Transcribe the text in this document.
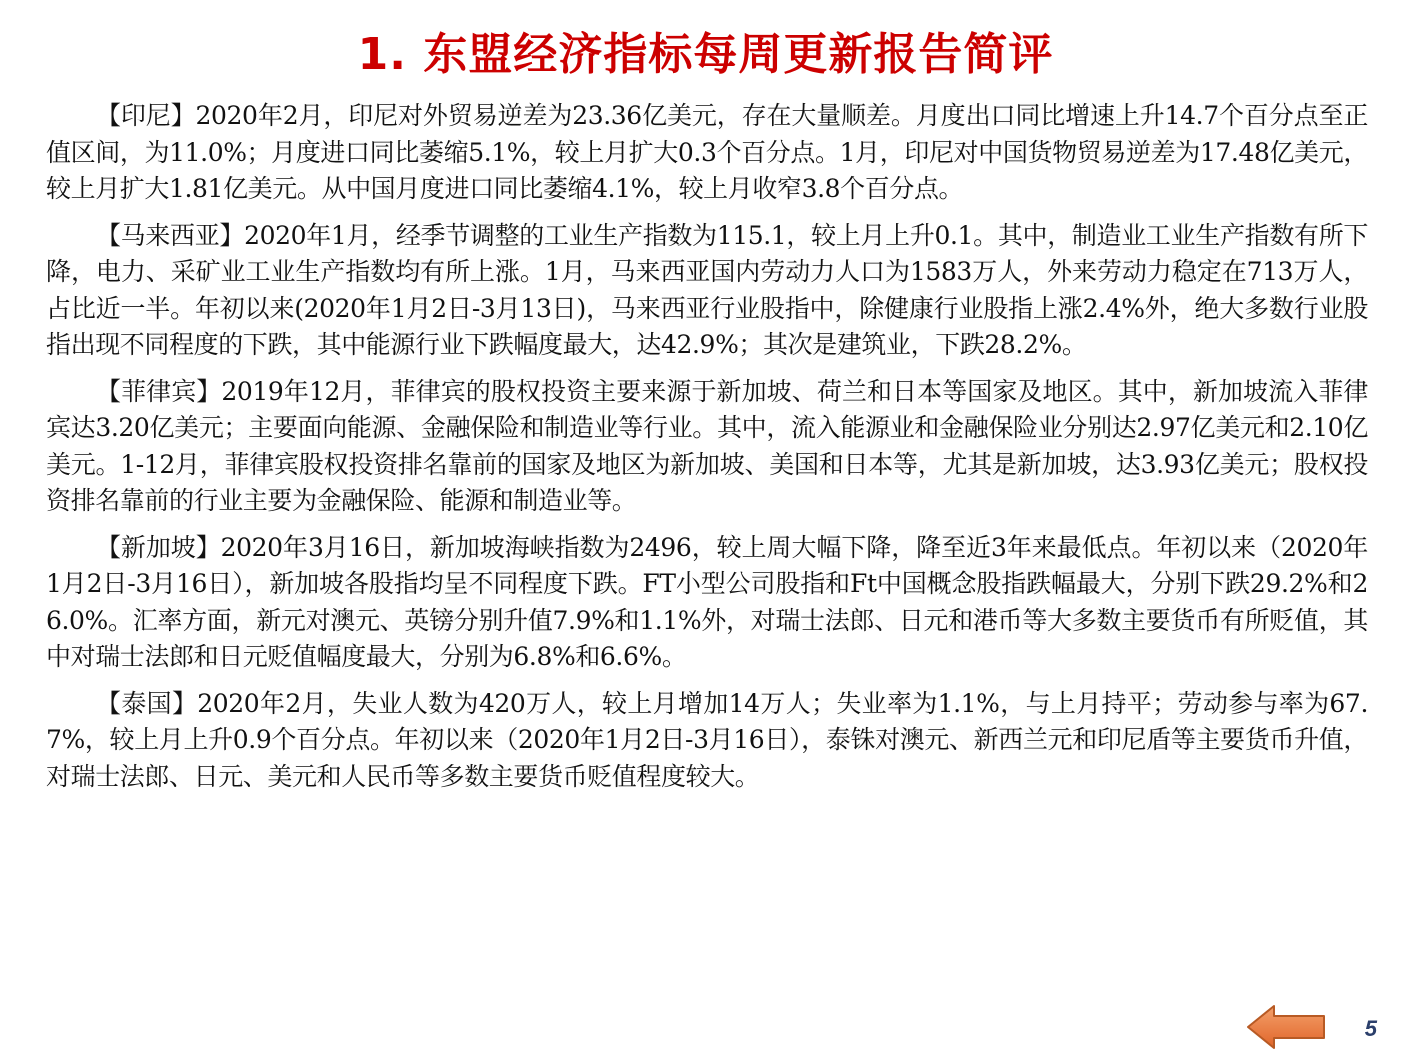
1. 东盟经济指标每周更新报告简评

【印尼】2020年2月，印尼对外贸易逆差为23.36亿美元，存在大量顺差。月度出口同比增速上升14.7个百分点至正值区间，为11.0%；月度进口同比萎缩5.1%，较上月扩大0.3个百分点。1月，印尼对中国货物贸易逆差为17.48亿美元，较上月扩大1.81亿美元。从中国月度进口同比萎缩4.1%，较上月收窄3.8个百分点。

【马来西亚】2020年1月，经季节调整的工业生产指数为115.1，较上月上升0.1。其中，制造业工业生产指数有所下降，电力、采矿业工业生产指数均有所上涨。1月，马来西亚国内劳动力人口为1583万人，外来劳动力稳定在713万人，占比近一半。年初以来(2020年1月2日-3月13日)，马来西亚行业股指中，除健康行业股指上涨2.4%外，绝大多数行业股指出现不同程度的下跌，其中能源行业下跌幅度最大，达42.9%；其次是建筑业，下跌28.2%。

【菲律宾】2019年12月，菲律宾的股权投资主要来源于新加坡、荷兰和日本等国家及地区。其中，新加坡流入菲律宾达3.20亿美元；主要面向能源、金融保险和制造业等行业。其中，流入能源业和金融保险业分别达2.97亿美元和2.10亿美元。1-12月，菲律宾股权投资排名靠前的国家及地区为新加坡、美国和日本等，尤其是新加坡，达3.93亿美元；股权投资排名靠前的行业主要为金融保险、能源和制造业等。

【新加坡】2020年3月16日，新加坡海峡指数为2496，较上周大幅下降，降至近3年来最低点。年初以来（2020年1月2日-3月16日），新加坡各股指均呈不同程度下跌。FT小型公司股指和Ft中国概念股指跌幅最大，分别下跌29.2%和26.0%。汇率方面，新元对澳元、英镑分别升值7.9%和1.1%外，对瑞士法郎、日元和港币等大多数主要货币有所贬值，其中对瑞士法郎和日元贬值幅度最大，分别为6.8%和6.6%。

【泰国】2020年2月，失业人数为420万人，较上月增加14万人；失业率为1.1%，与上月持平；劳动参与率为67.7%，较上月上升0.9个百分点。年初以来（2020年1月2日-3月16日），泰铢对澳元、新西兰元和印尼盾等主要货币升值，对瑞士法郎、日元、美元和人民币等多数主要货币贬值程度较大。

5
